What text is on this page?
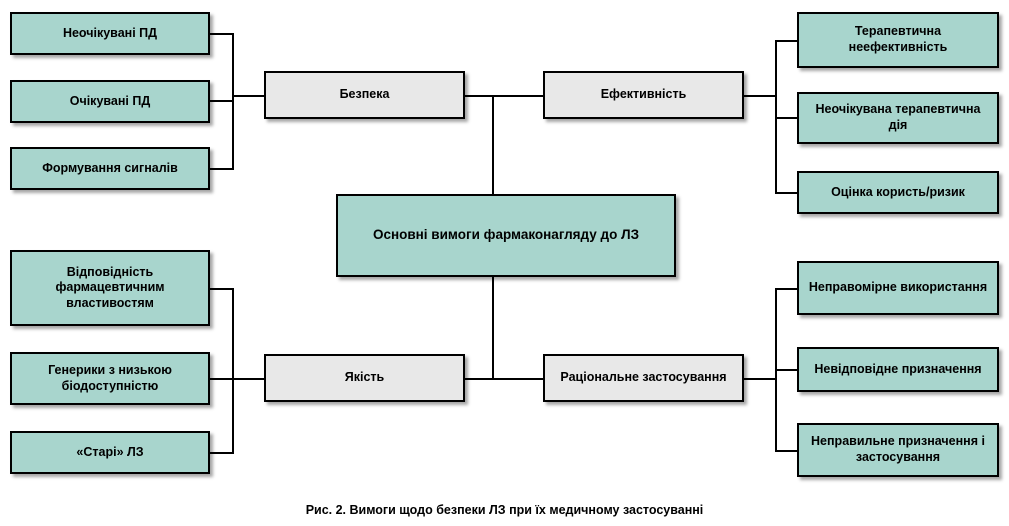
Неочікувані ПД
Очікувані ПД
Формування сигналів
Безпека	Ефективність
Терапевтична неефективність
Неочікувана терапевтична дія
Оцінка користь/ризик
Основні вимоги фармаконагляду до ЛЗ
Відповідність фармацевтичним властивостям
Генерики з низькою біодоступністю
«Старі» ЛЗ
Якість	Раціональне застосування
Неправомірне використання
Невідповідне призначення
Неправильне призначення і застосування
Рис. 2. Вимоги щодо безпеки ЛЗ при їх медичному застосуванні
